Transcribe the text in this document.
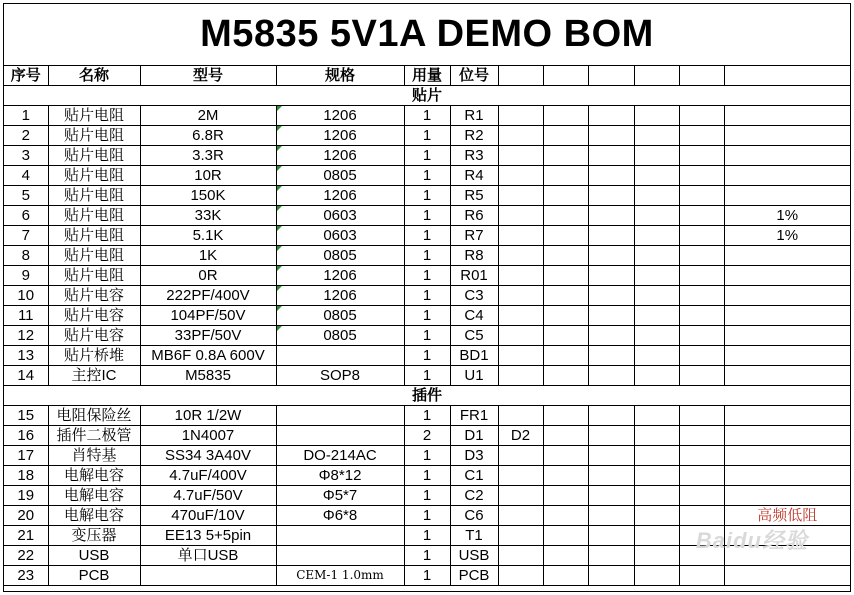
M5835 5V1A DEMO BOM
序号	名称	型号	规格	用量	位号						
贴片											
1	贴片电阻	2M	1206	1	R1						
2	贴片电阻	6.8R	1206	1	R2						
3	贴片电阻	3.3R	1206	1	R3						
4	贴片电阻	10R	0805	1	R4						
5	贴片电阻	150K	1206	1	R5						
6	贴片电阻	33K	0603	1	R6						1%
7	贴片电阻	5.1K	0603	1	R7						1%
8	贴片电阻	1K	0805	1	R8						
9	贴片电阻	0R	1206	1	R01						
10	贴片电容	222PF/400V	1206	1	C3						
11	贴片电容	104PF/50V	0805	1	C4						
12	贴片电容	33PF/50V	0805	1	C5						
13	贴片桥堆	MB6F 0.8A 600V		1	BD1						
14	主控IC	M5835	SOP8	1	U1						
插件											
15	电阻保险丝	10R 1/2W		1	FR1						
16	插件二极管	1N4007		2	D1	D2					
17	肖特基	SS34 3A40V	DO-214AC	1	D3						
18	电解电容	4.7uF/400V	Φ8*12	1	C1						
19	电解电容	4.7uF/50V	Φ5*7	1	C2						
20	电解电容	470uF/10V	Φ6*8	1	C6						高频低阻
21	变压器	EE13 5+5pin		1	T1						
22	USB	单口USB		1	USB						
23	PCB		CEM-1 1.0mm	1	PCB						
Baidu经验
